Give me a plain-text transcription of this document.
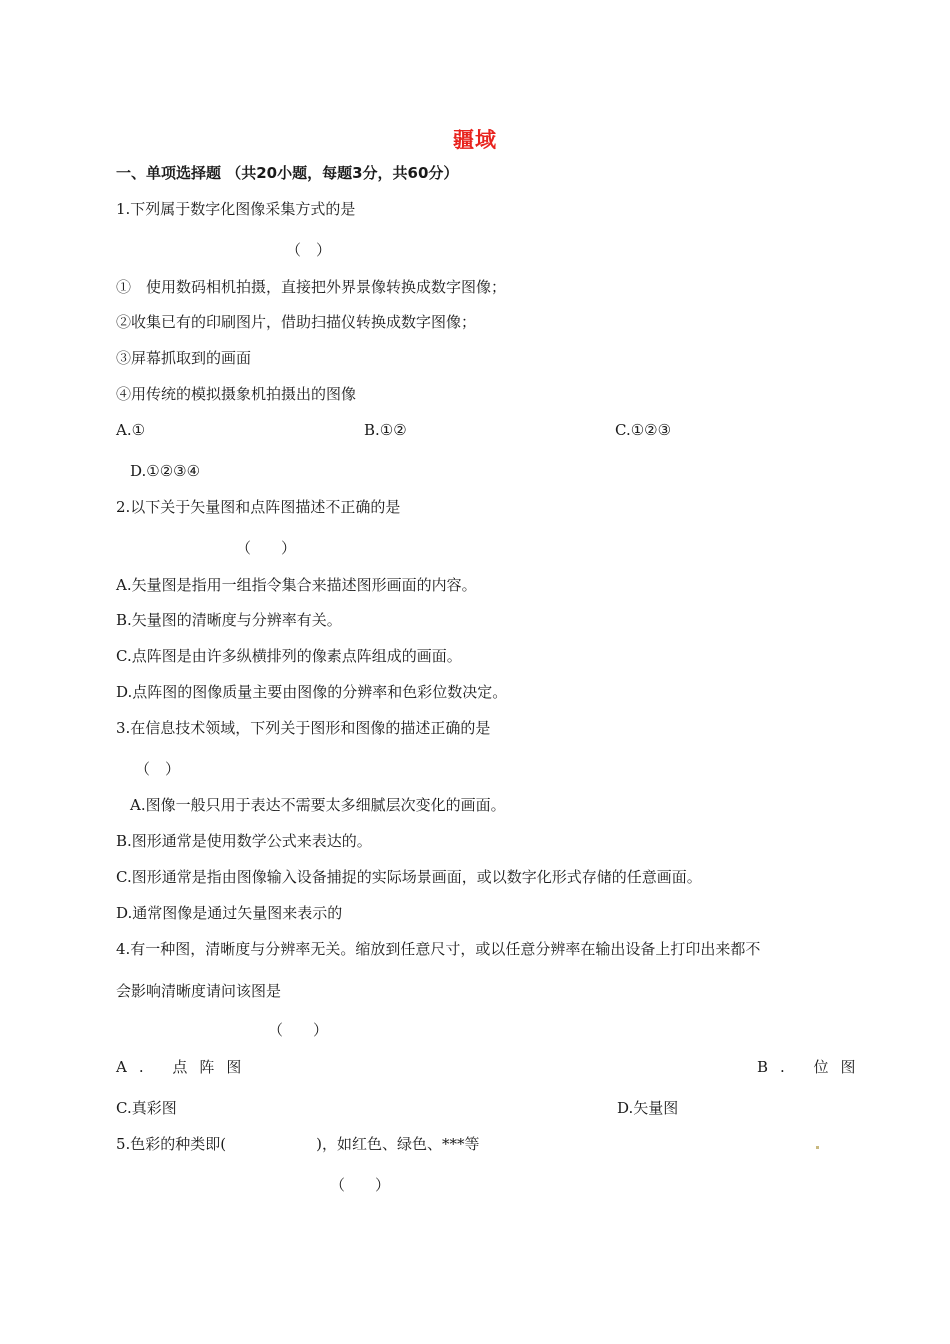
疆域
一、单项选择题 （共20小题，每题3分，共60分）
1.下列属于数字化图像采集方式的是
（　）
①　使用数码相机拍摄，直接把外界景像转换成数字图像；
②收集已有的印刷图片，借助扫描仪转换成数字图像；
③屏幕抓取到的画面
④用传统的模拟摄象机拍摄出的图像
A.①	B.①②	C.①②③
D.①②③④
2.以下关于矢量图和点阵图描述不正确的是
（　　）
A.矢量图是指用一组指令集合来描述图形画面的内容。
B.矢量图的清晰度与分辨率有关。
C.点阵图是由许多纵横排列的像素点阵组成的画面。
D.点阵图的图像质量主要由图像的分辨率和色彩位数决定。
3.在信息技术领域，下列关于图形和图像的描述正确的是
（　）
A.图像一般只用于表达不需要太多细腻层次变化的画面。
B.图形通常是使用数学公式来表达的。
C.图形通常是指由图像输入设备捕捉的实际场景画面，或以数字化形式存储的任意画面。
D.通常图像是通过矢量图来表示的
4.有一种图，清晰度与分辨率无关。缩放到任意尺寸，或以任意分辨率在输出设备上打印出来都不
会影响清晰度请问该图是
（　　）
A. 点阵图	B. 位图
C.真彩图	D.矢量图
5.色彩的种类即(　　　　　　)，如红色、绿色、***等
（　　）
